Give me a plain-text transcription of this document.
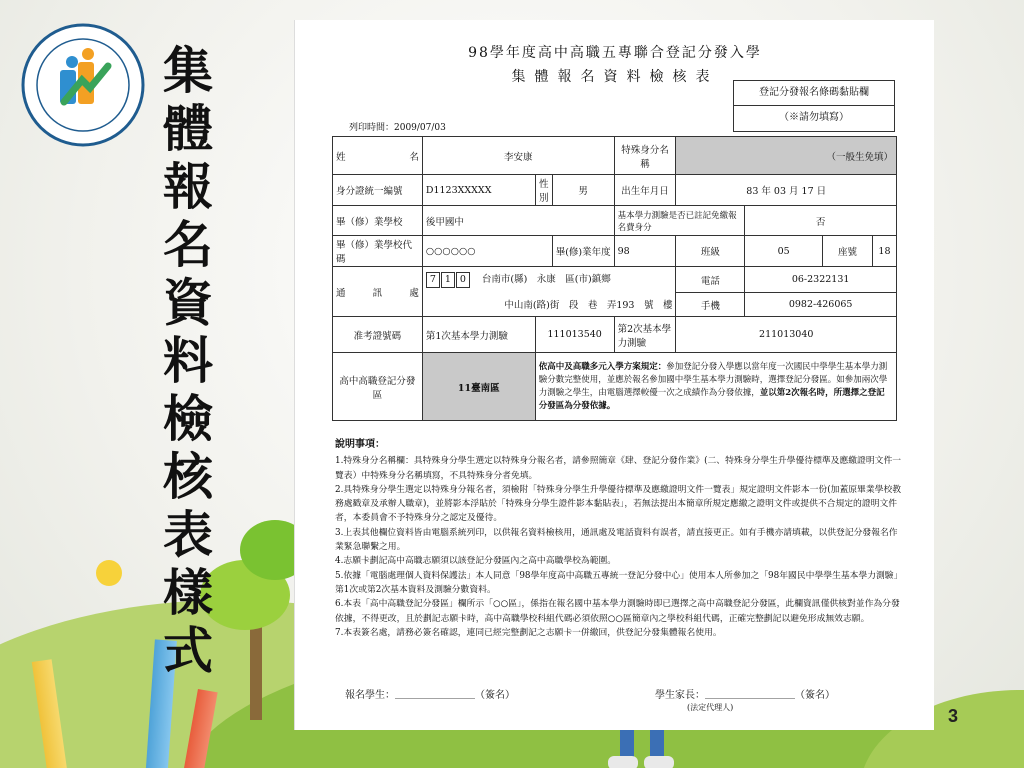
集
體
報
名
資
料
檢
核
表
樣
式
3
98學年度高中高職五專聯合登記分發入學
集體報名資料檢核表
登記分發報名條碼黏貼欄
（※請勿填寫）
列印時間：2009/07/03
姓　　　名	李安康			特殊身分名稱	（一般生免填）			
身分證統一編號	D1123XXXXX	性別	男	出生年月日	83 年 03 月 17 日			
畢（修）業學校	後甲國中			基本學力測驗是否已註記免繳報名費身分		否		
畢（修）業學校代碼	○○○○○○		畢(修)業年度	98	班級	05	座號	18
通訊處	7 1 0 台南市(縣)　永康　區(市)鎮鄉				電話	06-2322131		
	中山南(路)街　段　巷　弄193　號　樓				手機	0982-426065		
准考證號碼	第1次基本學力測驗	111013540		第2次基本學力測驗	211013040			
高中高職登記分發區	11臺南區	依高中及高職多元入學方案規定：參加登記分發入學應以當年度一次國民中學學生基本學力測驗分數完整使用，並應於報名參加國中學生基本學力測驗時，選擇登記分發區。如參加兩次學力測驗之學生，由電腦選擇較優一次之成績作為分發依據，並以第2次報名時，所選擇之登記分發區為分發依據。						
說明事項：
1.特殊身分名稱欄：具特殊身分學生選定以特殊身分報名者，請參照簡章《肆、登記分發作業》(二、特殊身分學生升學優待標準及應繳證明文件一覽表）中特殊身分名稱填寫，不具特殊身分者免填。
2.具特殊身分學生選定以特殊身分報名者，須檢附「特殊身分學生升學優待標準及應繳證明文件一覽表」規定證明文件影本一份(加蓋原畢業學校教務處戳章及承辦人職章)，並將影本浮貼於「特殊身分學生證件影本黏貼表」，若無法提出本簡章所規定應繳之證明文件或提供不合規定的證明文件者，本委員會不予特殊身分之認定及優待。
3.上表其他欄位資料皆由電腦系統列印，以供報名資料檢核用，通訊處及電話資料有誤者，請直接更正。如有手機亦請填載，以供登記分發報名作業緊急聯繫之用。
4.志願卡劃記高中高職志願須以該登記分發區內之高中高職學校為範圍。
5.依據「電腦處理個人資料保護法」本人同意「98學年度高中高職五專統一登記分發中心」使用本人所參加之「98年國民中學學生基本學力測驗」第1次或第2次基本資料及測驗分數資料。
6.本表「高中高職登記分發區」欄所示「○○區」，係指在報名國中基本學力測驗時即已選擇之高中高職登記分發區，此欄資訊僅供核對並作為分發依據，不得更改，且於劃記志願卡時，高中高職學校科組代碼必須依照○○區簡章內之學校科組代碼，正確完整劃記以避免形成無效志願。
7.本表簽名處，請務必簽名確認，連同已經完整劃記之志願卡一併繳回，供登記分發集體報名使用。
報名學生：＿＿＿＿＿＿＿＿（簽名）	學生家長：＿＿＿＿＿＿＿＿＿（簽名）
(法定代理人)
